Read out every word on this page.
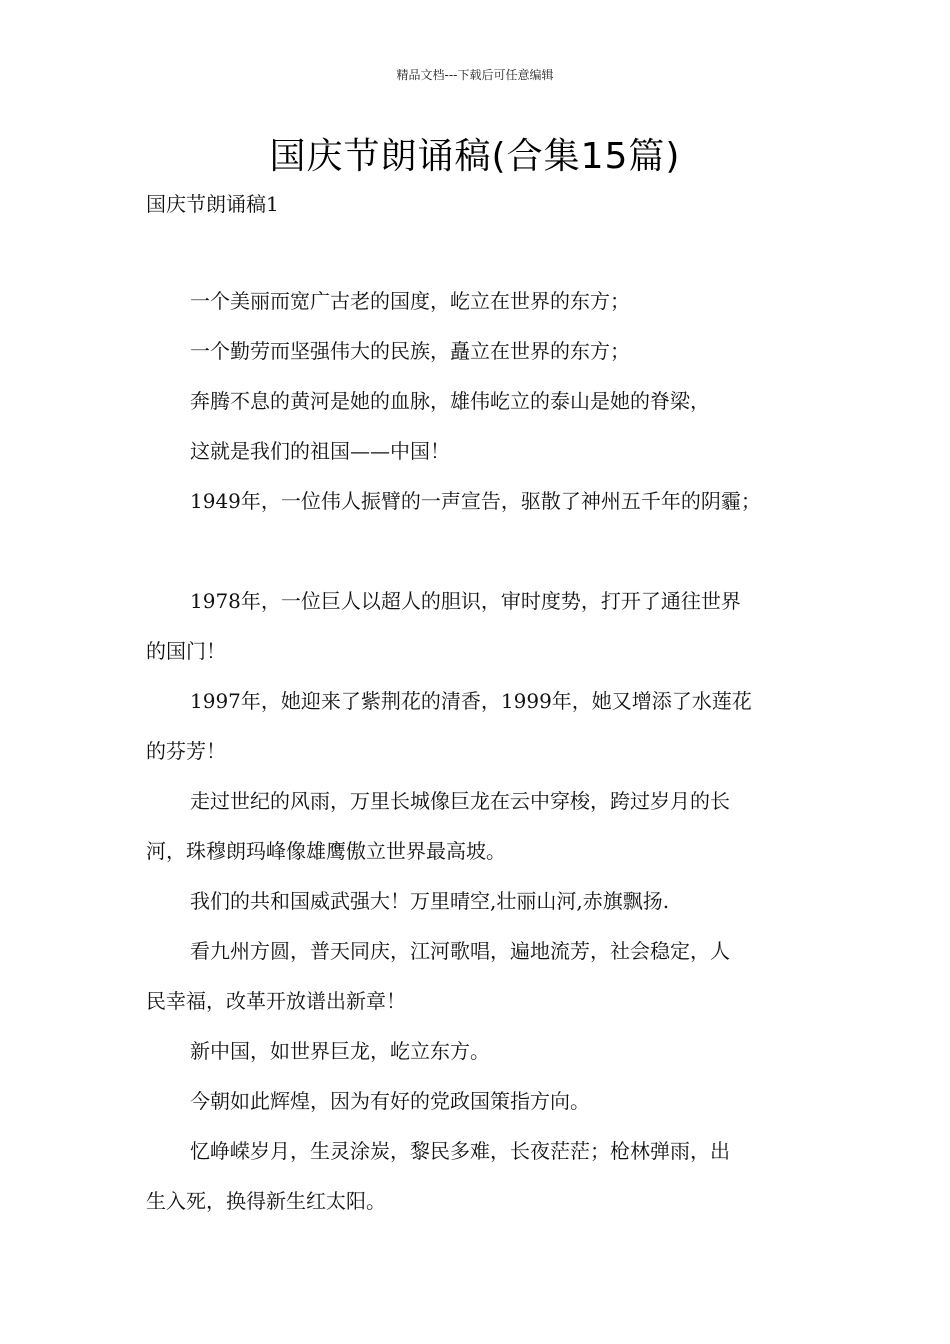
精品文档---下载后可任意编辑
国庆节朗诵稿(合集15篇)
国庆节朗诵稿1
一个美丽而宽广古老的国度，屹立在世界的东方；
一个勤劳而坚强伟大的民族，矗立在世界的东方；
奔腾不息的黄河是她的血脉，雄伟屹立的泰山是她的脊梁，
这就是我们的祖国——中国！
1949年，一位伟人振臂的一声宣告，驱散了神州五千年的阴霾；
1978年，一位巨人以超人的胆识，审时度势，打开了通往世界
的国门！
1997年，她迎来了紫荆花的清香，1999年，她又增添了水莲花
的芬芳！
走过世纪的风雨，万里长城像巨龙在云中穿梭，跨过岁月的长
河，珠穆朗玛峰像雄鹰傲立世界最高坡。
我们的共和国威武强大！万里晴空,壮丽山河,赤旗飘扬.
看九州方圆，普天同庆，江河歌唱，遍地流芳，社会稳定，人
民幸福，改革开放谱出新章！
新中国，如世界巨龙，屹立东方。
今朝如此辉煌，因为有好的党政国策指方向。
忆峥嵘岁月，生灵涂炭，黎民多难，长夜茫茫；枪林弹雨，出
生入死，换得新生红太阳。
